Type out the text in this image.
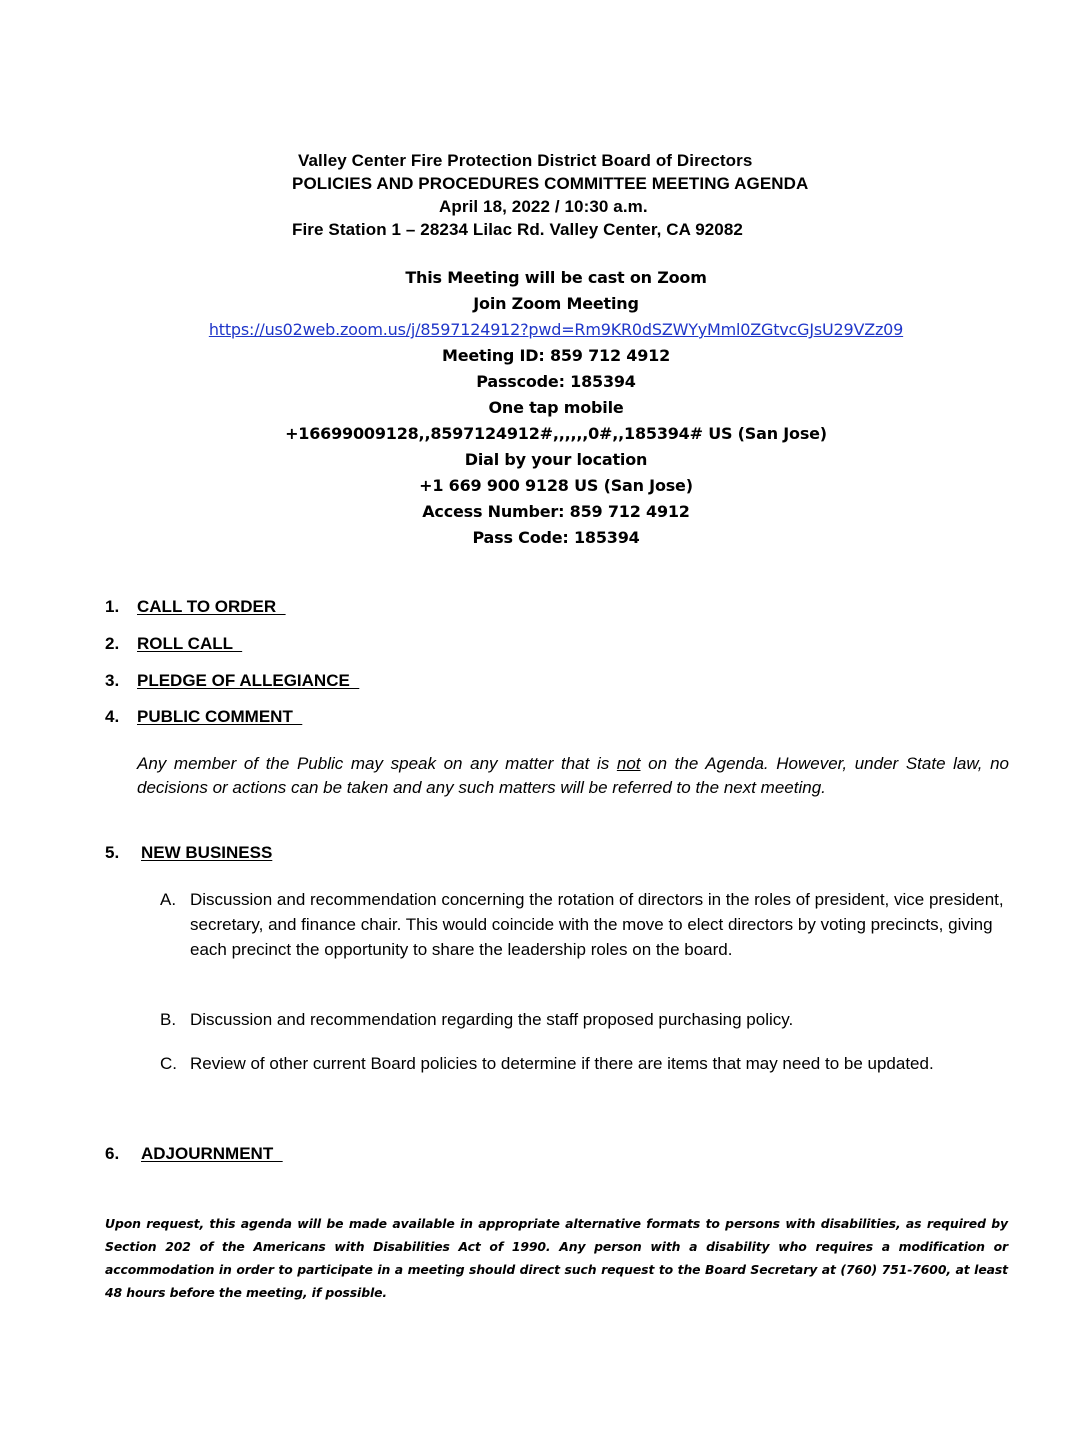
Valley Center Fire Protection District Board of Directors
POLICIES AND PROCEDURES COMMITTEE MEETING AGENDA
April 18, 2022 / 10:30 a.m.
Fire Station 1 – 28234 Lilac Rd. Valley Center, CA 92082
This Meeting will be cast on Zoom
Join Zoom Meeting
https://us02web.zoom.us/j/8597124912?pwd=Rm9KR0dSZWYyMml0ZGtvcGJsU29VZz09
Meeting ID: 859 712 4912
Passcode: 185394
One tap mobile
+16699009128,,8597124912#,,,,,,0#,,185394# US (San Jose)
Dial by your location
+1 669 900 9128 US (San Jose)
Access Number: 859 712 4912
Pass Code: 185394
1. CALL TO ORDER
2. ROLL CALL
3. PLEDGE OF ALLEGIANCE
4. PUBLIC COMMENT
Any member of the Public may speak on any matter that is not on the Agenda. However, under State law, no decisions or actions can be taken and any such matters will be referred to the next meeting.
5. NEW BUSINESS
A. Discussion and recommendation concerning the rotation of directors in the roles of president, vice president, secretary, and finance chair. This would coincide with the move to elect directors by voting precincts, giving each precinct the opportunity to share the leadership roles on the board.
B. Discussion and recommendation regarding the staff proposed purchasing policy.
C. Review of other current Board policies to determine if there are items that may need to be updated.
6. ADJOURNMENT
Upon request, this agenda will be made available in appropriate alternative formats to persons with disabilities, as required by Section 202 of the Americans with Disabilities Act of 1990. Any person with a disability who requires a modification or accommodation in order to participate in a meeting should direct such request to the Board Secretary at (760) 751-7600, at least 48 hours before the meeting, if possible.
